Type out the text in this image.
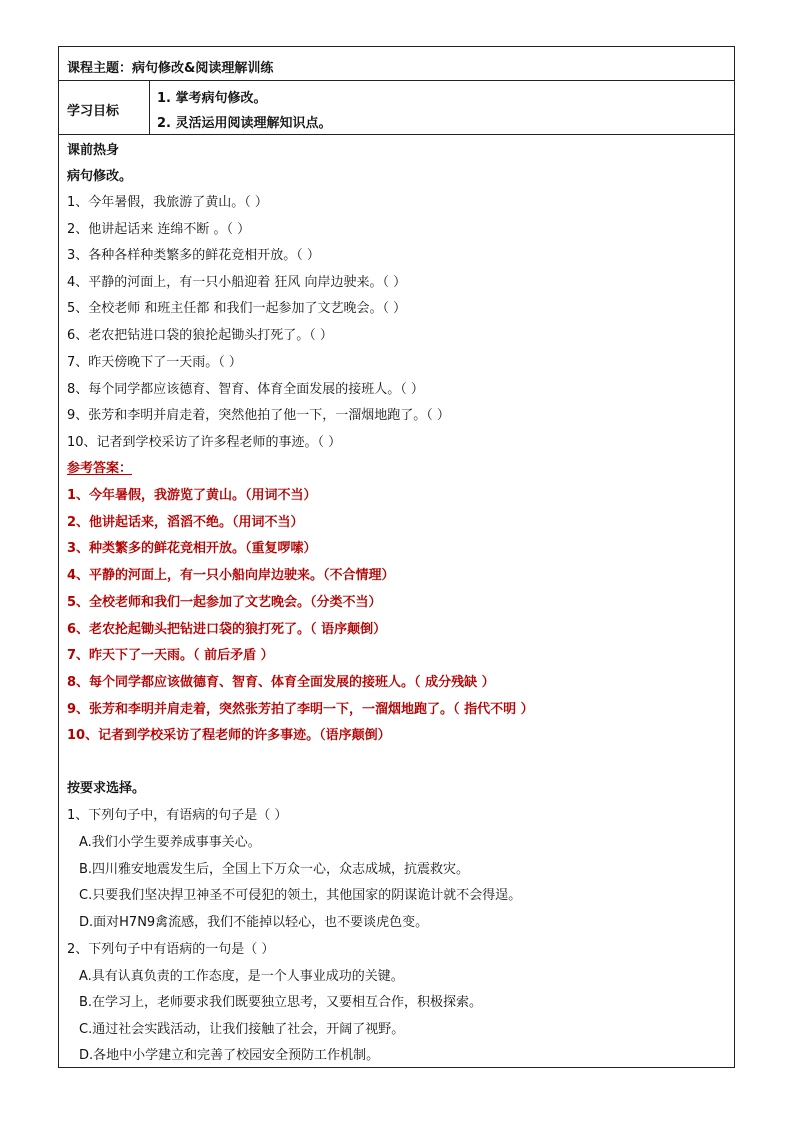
课程主题：病句修改&阅读理解训练
学习目标
1. 掌考病句修改。
2. 灵活运用阅读理解知识点。
课前热身
病句修改。
1、今年暑假，我旅游了黄山。（ ）
2、他讲起话来 连绵不断 。（ ）
3、各种各样种类繁多的鲜花竞相开放。（ ）
4、平静的河面上，有一只小船迎着 狂风 向岸边驶来。（ ）
5、全校老师 和班主任都 和我们一起参加了文艺晚会。（ ）
6、老农把钻进口袋的狼抡起锄头打死了。（ ）
7、昨天傍晚下了一天雨。（ ）
8、每个同学都应该德育、智育、体育全面发展的接班人。（ ）
9、张芳和李明并肩走着，突然他拍了他一下，一溜烟地跑了。（ ）
10、记者到学校采访了许多程老师的事迹。（ ）
参考答案：
1、今年暑假，我游览了黄山。（用词不当）
2、他讲起话来，滔滔不绝。（用词不当）
3、种类繁多的鲜花竞相开放。（重复啰嗦）
4、平静的河面上，有一只小船向岸边驶来。（不合情理）
5、全校老师和我们一起参加了文艺晚会。（分类不当）
6、老农抡起锄头把钻进口袋的狼打死了。（ 语序颠倒）
7、昨天下了一天雨。（ 前后矛盾 ）
8、每个同学都应该做德育、智育、体育全面发展的接班人。（ 成分残缺 ）
9、张芳和李明并肩走着，突然张芳拍了李明一下，一溜烟地跑了。（ 指代不明 ）
10、记者到学校采访了程老师的许多事迹。（语序颠倒）
按要求选择。
1、下列句子中，有语病的句子是（ ）
A.我们小学生要养成事事关心。
B.四川雅安地震发生后，全国上下万众一心，众志成城，抗震救灾。
C.只要我们坚决捍卫神圣不可侵犯的领土，其他国家的阴谋诡计就不会得逞。
D.面对H7N9禽流感，我们不能掉以轻心，也不要谈虎色变。
2、下列句子中有语病的一句是（ ）
A.具有认真负责的工作态度，是一个人事业成功的关键。
B.在学习上，老师要求我们既要独立思考，又要相互合作，积极探索。
C.通过社会实践活动，让我们接触了社会，开阔了视野。
D.各地中小学建立和完善了校园安全预防工作机制。
